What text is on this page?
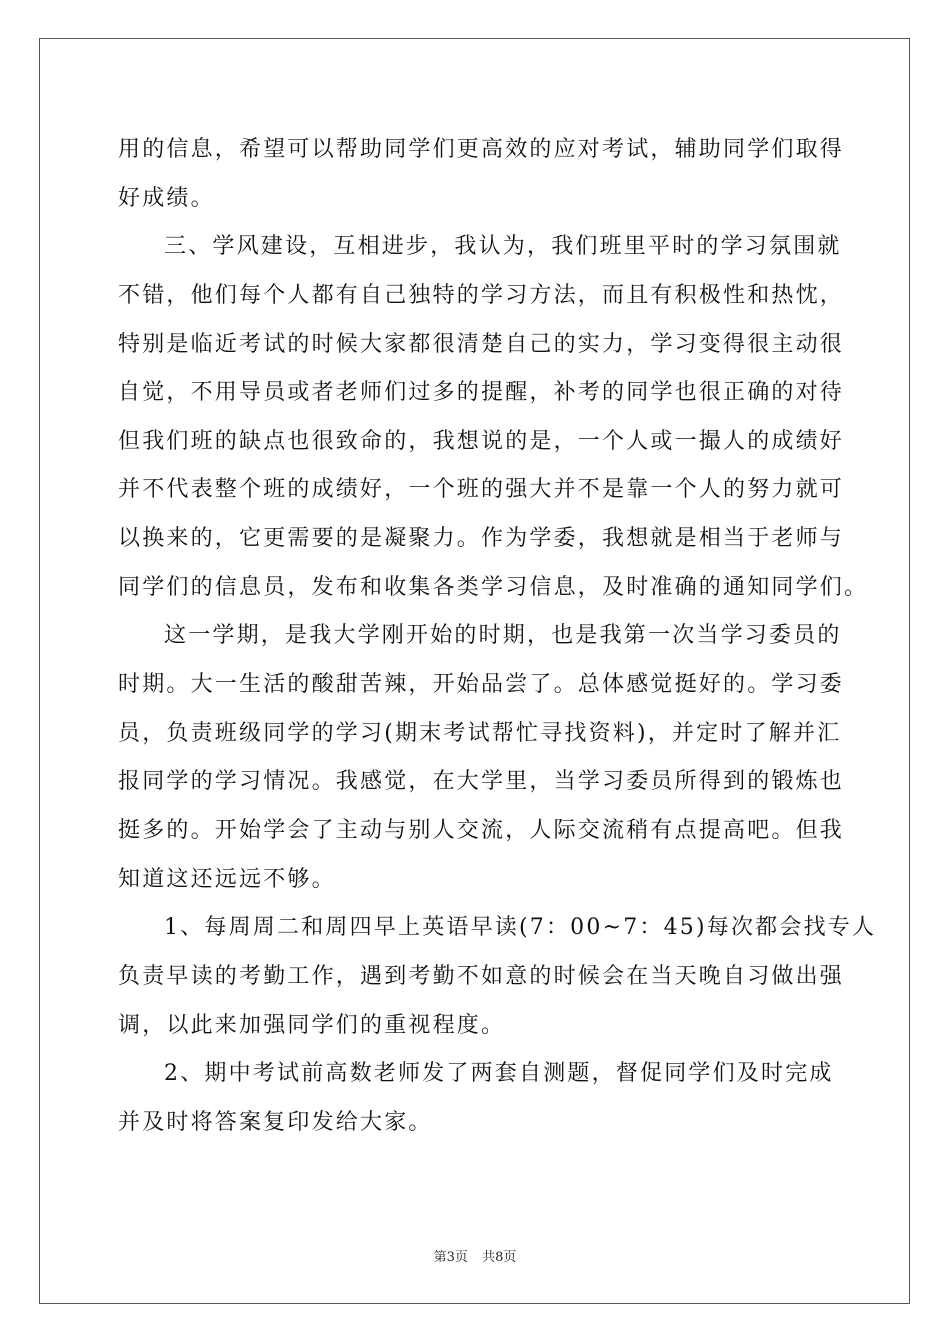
用的信息，希望可以帮助同学们更高效的应对考试，辅助同学们取得
好成绩。
三、学风建设，互相进步，我认为，我们班里平时的学习氛围就
不错，他们每个人都有自己独特的学习方法，而且有积极性和热忱，
特别是临近考试的时候大家都很清楚自己的实力，学习变得很主动很
自觉，不用导员或者老师们过多的提醒，补考的同学也很正确的对待
但我们班的缺点也很致命的，我想说的是，一个人或一撮人的成绩好
并不代表整个班的成绩好，一个班的强大并不是靠一个人的努力就可
以换来的，它更需要的是凝聚力。作为学委，我想就是相当于老师与
同学们的信息员，发布和收集各类学习信息，及时准确的通知同学们。
这一学期，是我大学刚开始的时期，也是我第一次当学习委员的
时期。大一生活的酸甜苦辣，开始品尝了。总体感觉挺好的。学习委
员，负责班级同学的学习(期末考试帮忙寻找资料)，并定时了解并汇
报同学的学习情况。我感觉，在大学里，当学习委员所得到的锻炼也
挺多的。开始学会了主动与别人交流，人际交流稍有点提高吧。但我
知道这还远远不够。
1、每周周二和周四早上英语早读(7：00~7：45)每次都会找专人
负责早读的考勤工作，遇到考勤不如意的时候会在当天晚自习做出强
调，以此来加强同学们的重视程度。
2、期中考试前高数老师发了两套自测题，督促同学们及时完成
并及时将答案复印发给大家。
第3页 共8页
